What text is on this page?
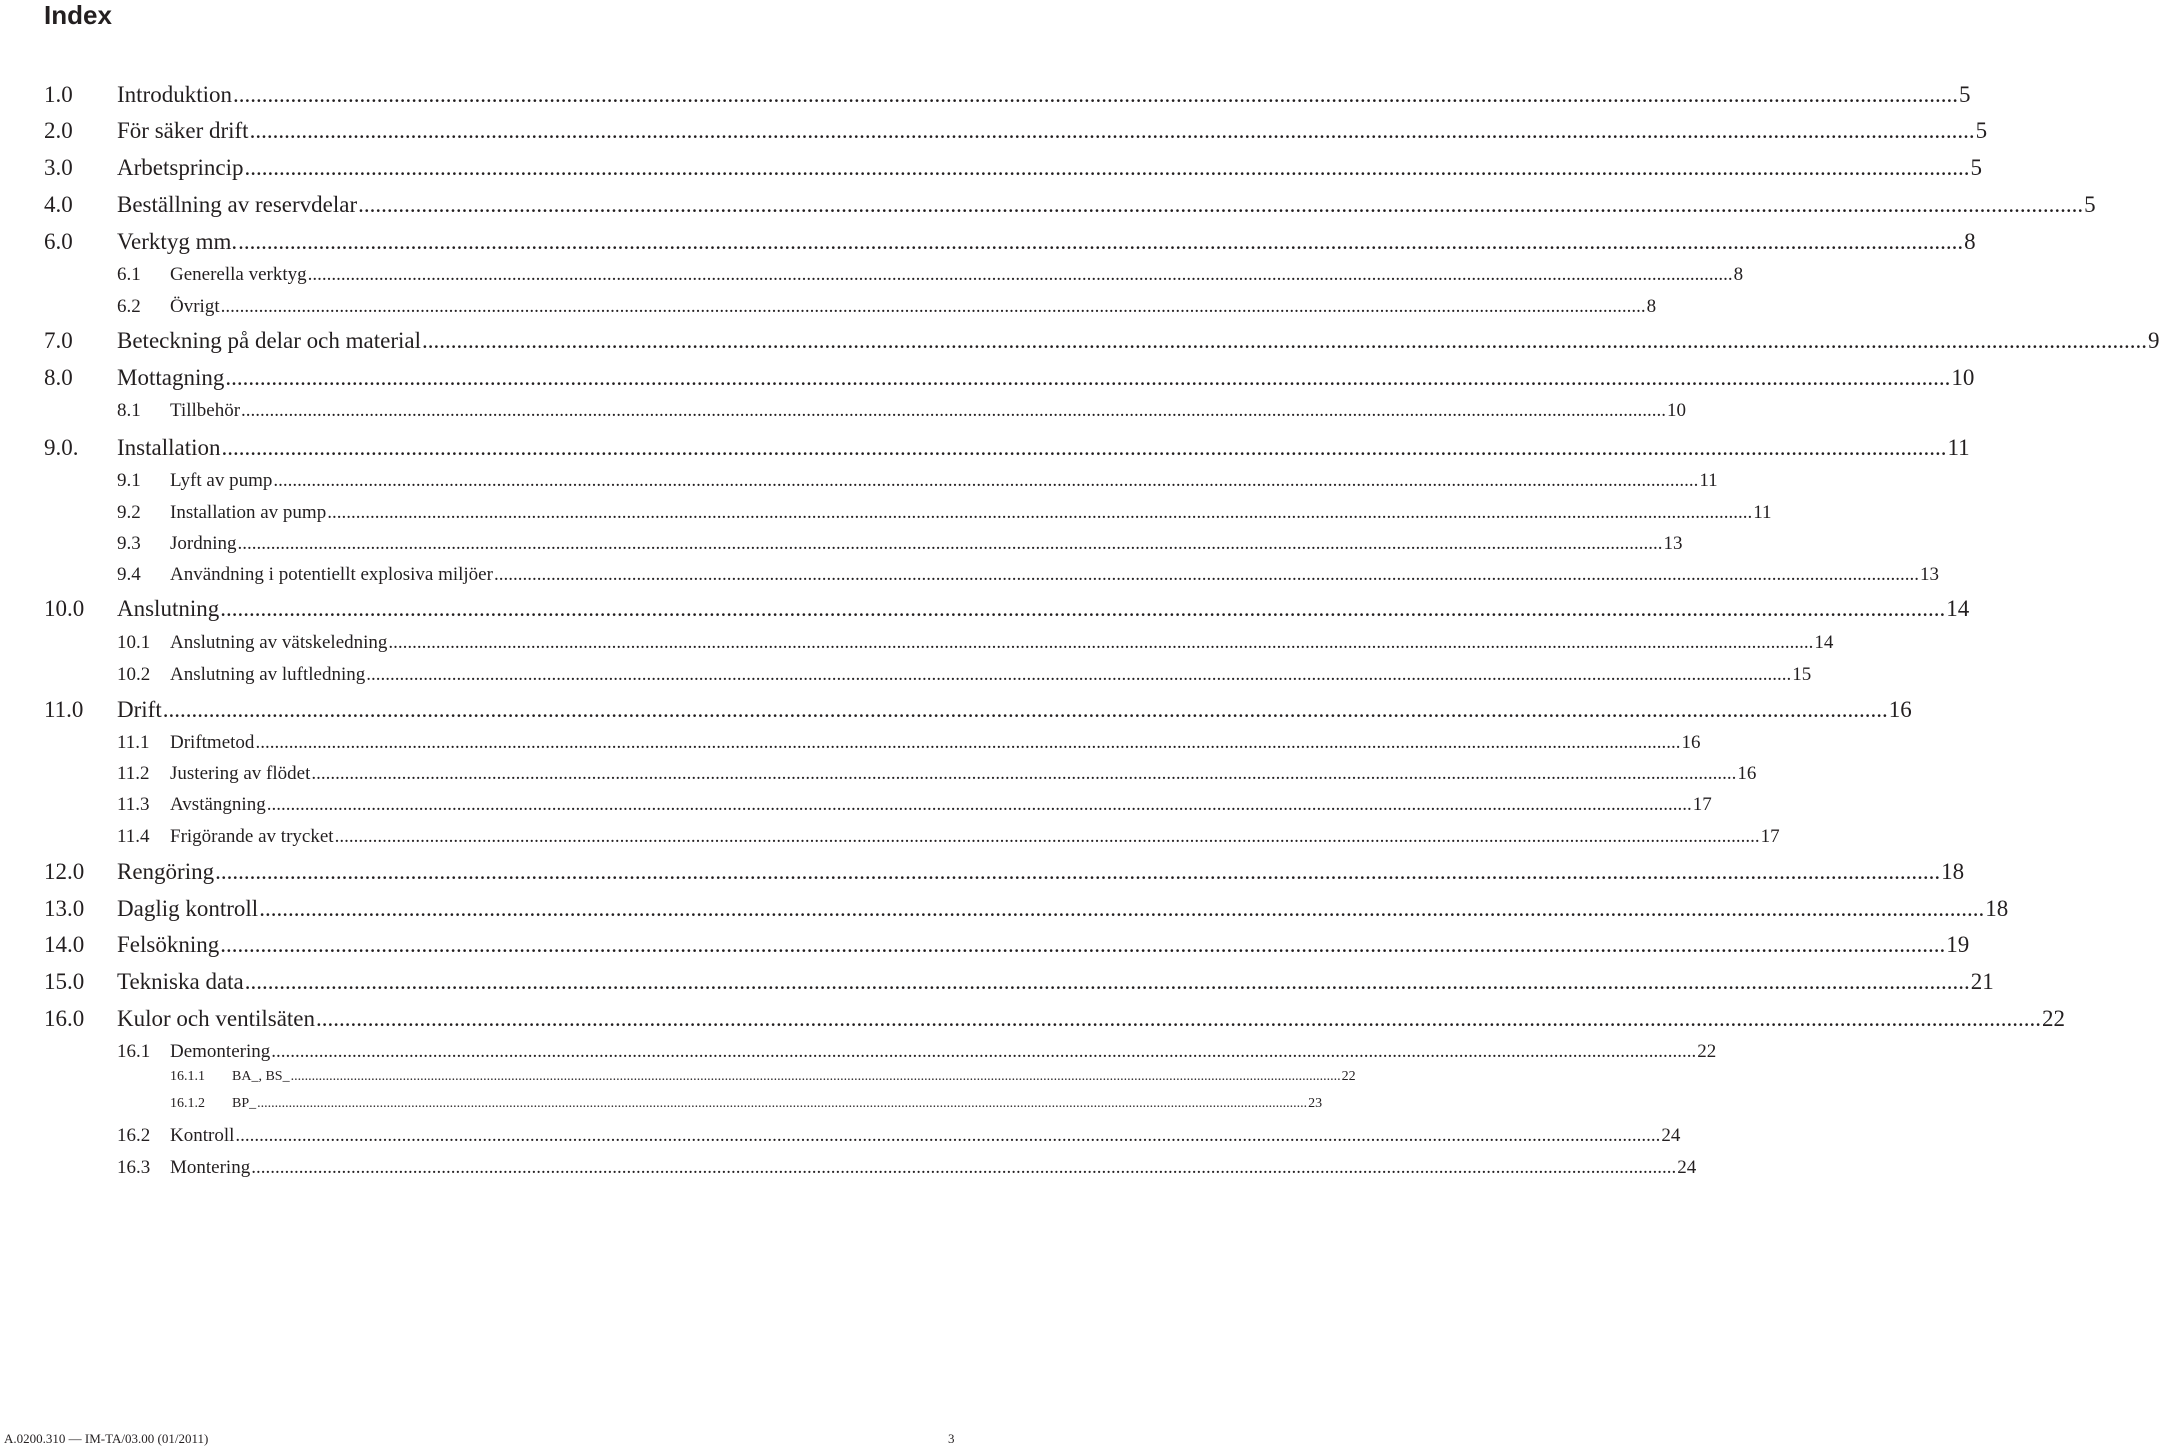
Index
1.0 Introduktion ............................................................................................................................................................................................................................................................................................................ 5
2.0 För säker drift ............................................................................................................................................................................................................................................................................................................ 5
3.0 Arbetsprincip ............................................................................................................................................................................................................................................................................................................ 5
4.0 Beställning av reservdelar ............................................................................................................................................................................................................................................................................................................ 5
6.0 Verktyg mm. ............................................................................................................................................................................................................................................................................................................ 8
6.1 Generella verktyg ............................................................................................................................................................................................................................................................................................................ 8
6.2 Övrigt ............................................................................................................................................................................................................................................................................................................ 8
7.0 Beteckning på delar och material ............................................................................................................................................................................................................................................................................................................ 9
8.0 Mottagning ............................................................................................................................................................................................................................................................................................................ 10
8.1 Tillbehör ............................................................................................................................................................................................................................................................................................................ 10
9.0. Installation ............................................................................................................................................................................................................................................................................................................ 11
9.1 Lyft av pump ............................................................................................................................................................................................................................................................................................................ 11
9.2 Installation av pump ............................................................................................................................................................................................................................................................................................................ 11
9.3 Jordning ............................................................................................................................................................................................................................................................................................................ 13
9.4 Användning i potentiellt explosiva miljöer ............................................................................................................................................................................................................................................................................................................ 13
10.0 Anslutning ............................................................................................................................................................................................................................................................................................................ 14
10.1 Anslutning av vätskeledning ............................................................................................................................................................................................................................................................................................................ 14
10.2 Anslutning av luftledning ............................................................................................................................................................................................................................................................................................................ 15
11.0 Drift ............................................................................................................................................................................................................................................................................................................ 16
11.1 Driftmetod ............................................................................................................................................................................................................................................................................................................ 16
11.2 Justering av flödet ............................................................................................................................................................................................................................................................................................................ 16
11.3 Avstängning ............................................................................................................................................................................................................................................................................................................ 17
11.4 Frigörande av trycket ............................................................................................................................................................................................................................................................................................................ 17
12.0 Rengöring ............................................................................................................................................................................................................................................................................................................ 18
13.0 Daglig kontroll ............................................................................................................................................................................................................................................................................................................ 18
14.0 Felsökning ............................................................................................................................................................................................................................................................................................................ 19
15.0 Tekniska data ............................................................................................................................................................................................................................................................................................................ 21
16.0 Kulor och ventilsäten ............................................................................................................................................................................................................................................................................................................ 22
16.1 Demontering ............................................................................................................................................................................................................................................................................................................ 22
16.1.1 BA_, BS_ ............................................................................................................................................................................................................................................................................................................ 22
16.1.2 BP_ ............................................................................................................................................................................................................................................................................................................ 23
16.2 Kontroll ............................................................................................................................................................................................................................................................................................................ 24
16.3 Montering ............................................................................................................................................................................................................................................................................................................ 24
A.0200.310 — IM-TA/03.00 (01/2011)	3
